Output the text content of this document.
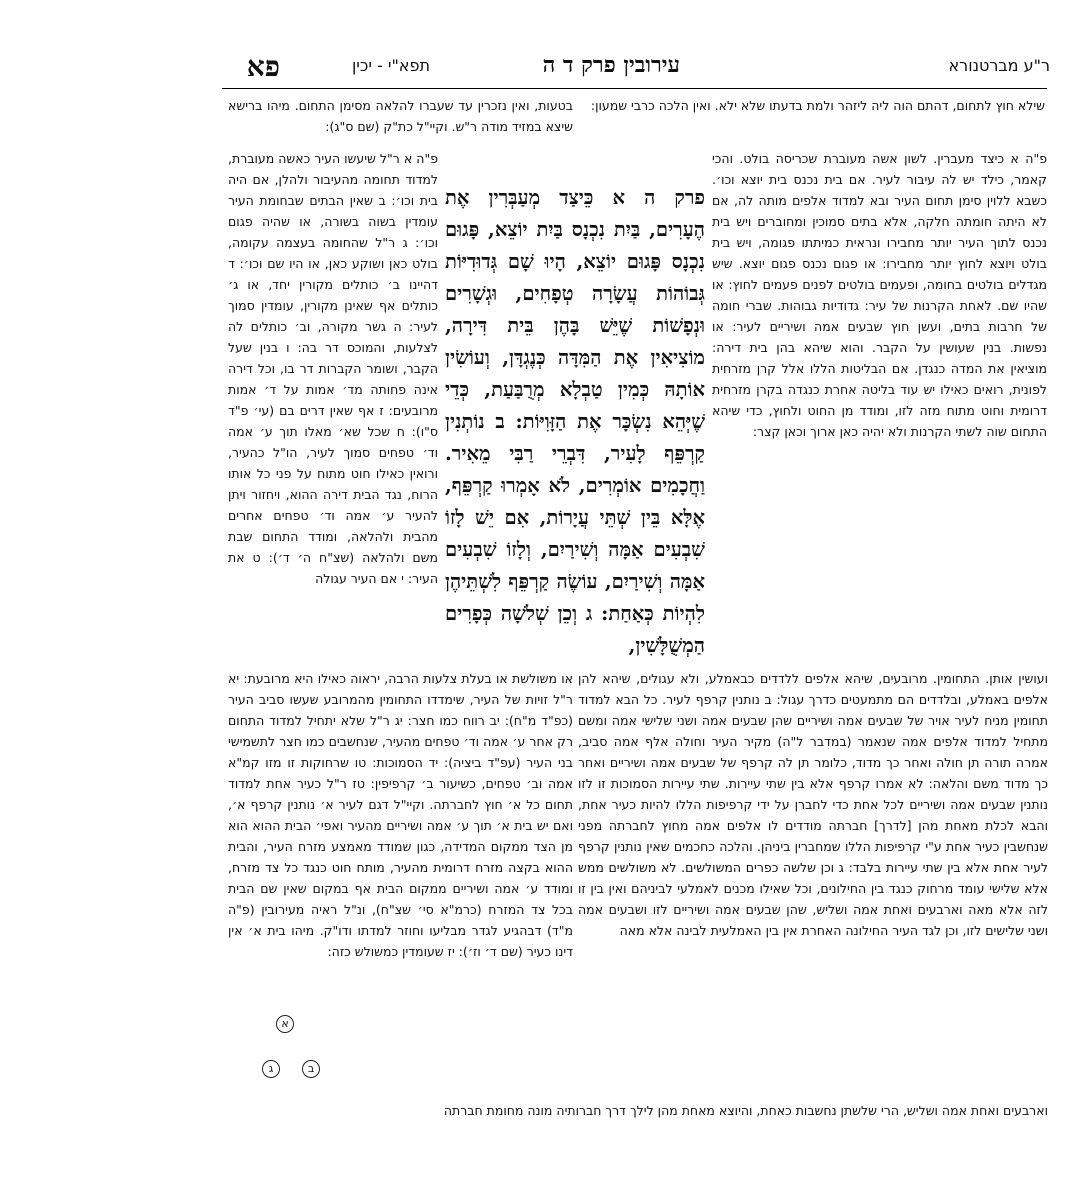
ר"ע מברטנורא
עירובין פרק ד ה
תפא"י - יכין
פא
שילא חוץ לתחום, דהתם הוה ליה ליזהר ולמת בדעתו שלא ילא. ואין הלכה כרבי שמעון:
בטעות, ואין נזכרין עד שעברו להלאה מסימן התחום. מיהו ברישא שיצא במזיד מודה ר"ש. וקיי"ל כת"ק (שם ס"ג):
פ"ה א כיצד מעברין. לשון אשה מעוברת שכריסה בולט. והכי קאמר, כילד יש לה עיבור לעיר. אם בית נכנס בית יוצא וכו׳. כשבא ללוין סימן תחום העיר ובא למדוד אלפים מותה לה, אם לא היתה חומתה חלקה, אלא בתים סמוכין ומחוברים ויש בית נכנס לתוך העיר יותר מחבירו ונראית כמיתתו פגומה, ויש בית בולט ויוצא לחוץ יותר מחבירו: או פגום נכנס פגום יוצא. שיש מגדלים בולטים בחומה, ופעמים בולטים לפנים פעמים לחוץ: או שהיו שם. לאחת הקרנות של עיר: גדודיות גבוהות. שברי חומה של חרבות בתים, ועשן חוץ שבעים אמה ושיריים לעיר: או נפשות. בנין שעושין על הקבר. והוא שיהא בהן בית דירה: מוציאין את המדה כנגדן. אם הבליטות הללו אלל קרן מזרחית לפונית, רואים כאילו יש עוד בליטה אחרת כנגדה בקרן מזרחית דרומית וחוט מתוח מזה לזו, ומודד מן החוט ולחוץ, כדי שיהא התחום שוה לשתי הקרנות ולא יהיה כאן ארוך וכאן קצר:
פרק ה א כֵּיצַד מְעַבְּרִין אֶת הֶעָרִים, בַּיִת נִכְנָס בַּיִת יוֹצֵא, פָּגוּם נִכְנָס פָּגוּם יוֹצֵא, הָיוּ שָׁם גְּדוּדִיּוֹת גְּבוֹהוֹת עֲשָׂרָה טְפָחִים, וּגְשָׁרִים וּנְפָשׁוֹת שֶׁיֵּשׁ בָּהֶן בֵּית דִּירָה, מוֹצִיאִין אֶת הַמִּדָּה כְּנֶגְדָּן, וְעוֹשִׂין אוֹתָהּ כְּמִין טַבְלָא מְרֻבַּעַת, כְּדֵי שֶׁיְּהֵא נִשְׂכָּר אֶת הַזָּוִיּוֹת: ב נוֹתְנִין קַרְפֵּף לָעִיר, דִּבְרֵי רַבִּי מֵאִיר. וַחֲכָמִים אוֹמְרִים, לֹא אָמְרוּ קַרְפֵּף, אֶלָּא בֵּין שְׁתֵּי עֲיָרוֹת, אִם יֵשׁ לָזוֹ שִׁבְעִים אַמָּה וְשִׁירַיִם, וְלָזוֹ שִׁבְעִים אַמָּה וְשִׁירַיִם, עוֹשֶׂה קַרְפֵּף לִשְׁתֵּיהֶן לִהְיוֹת כְּאַחַת: ג וְכֵן שְׁלֹשָׁה כְּפָרִים הַמְשֻׁלָּשִׁין,
פ"ה א ר"ל שיעשו העיר כאשה מעוברת, למדוד תחומה מהעיבור ולהלן, אם היה בית וכו׳: ב שאין הבתים שבחומת העיר עומדין בשוה בשורה, או שהיה פגום וכו׳: ג ר"ל שהחומה בעצמה עקומה, בולט כאן ושוקע כאן, או היו שם וכו׳: ד דהיינו ב׳ כותלים מקורין יחד, או ג׳ כותלים אף שאינן מקורין, עומדין סמוך לעיר: ה גשר מקורה, וב׳ כותלים לה לצלעות, והמוכס דר בה: ו בנין שעל הקבר, ושומר הקברות דר בו, וכל דירה אינה פחותה מד׳ אמות על ד׳ אמות מרובעים: ז אף שאין דרים בם (עי׳ פ"ד ס"ו): ח שכל שא׳ מאלו תוך ע׳ אמה וד׳ טפחים סמוך לעיר, הו"ל כהעיר, ורואין כאילו חוט מתוח על פני כל אותו הרוח, נגד הבית דירה ההוא, ויחזור ויתן להעיר ע׳ אמה וד׳ טפחים אחרים מהבית ולהלאה, ומודד התחום שבת משם ולהלאה (שצ"ח ה׳ ד׳): ט את העיר: י אם העיר עגולה
ועושין אותן. התחומין. מרובעים, שיהא אלפים ללדדים כבאמלע, ולא עגולים, שיהא להן אלפים באמלע, ובלדדים הם מתמעטים כדרך עגול: ב נותנין קרפף לעיר. כל הבא למדוד תחומין מניח לעיר אויר של שבעים אמה ושיריים שהן שבעים אמה ושני שלישי אמה ומשם מתחיל למדוד אלפים אמה שנאמר (במדבר ל"ה) מקיר העיר וחולה אלף אמה סביב, אמרה תורה תן חולה ואחר כך מדוד, כלומר תן לה קרפף של שבעים אמה ושיריים ואחר כך מדוד משם והלאה: לא אמרו קרפף אלא בין שתי עיירות. שתי עיירות הסמוכות זו לזו נותנין שבעים אמה ושיריים לכל אחת כדי לחברן על ידי קרפיפות הללו להיות כעיר אחת, והבא לכלת מאחת מהן [לדרך] חברתה מודדים לו אלפים אמה מחוץ לחברתה מפני שנחשבין כעיר אחת ע"י קרפיפות הללו שמחברין ביניהן. והלכה כחכמים שאין נותנין קרפף לעיר אחת אלא בין שתי עיירות בלבד: ג וכן שלשה כפרים המשולשים. לא משולשים ממש אלא שלישי עומד מרחוק כנגד בין החילונים, וכל שאילו מכנים לאמלעי לביניהם ואין בין זו לזה אלא מאה וארבעים ואחת אמה ושליש, שהן שבעים אמה ושיריים לזו ושבעים אמה ושני שלישים לזו, וכן לגד העיר החילונה האחרת אין בין האמלעית לבינה אלא מאה
או משולשת או בעלת צלעות הרבה, יראוה כאילו היא מרובעת: יא ר"ל זויות של העיר, שימדדו התחומין מהמרובע שעשו סביב העיר (כפ"ד מ"ח): יב רווח כמו חצר: יג ר"ל שלא יתחיל למדוד התחום רק אחר ע׳ אמה וד׳ טפחים מהעיר, שנחשבים כמו חצר לתשמישי בני העיר (עפ"ד ביציה): יד הסמוכות: טו שרחוקות זו מזו קמ"א אמה וב׳ טפחים, כשיעור ב׳ קרפיפין: טז ר"ל כעיר אחת למדוד תחום כל א׳ חוץ לחברתה. וקיי"ל דגם לעיר א׳ נותנין קרפף א׳, ואם יש בית א׳ תוך ע׳ אמה ושיריים מהעיר ואפי׳ הבית ההוא הוא מן הצד ממקום המדידה, כגון שמודד מאמצע מזרח העיר, והבית ההוא בקצה מזרח דרומית מהעיר, מותח חוט כנגד כל צד מזרח, ומודד ע׳ אמה ושיריים ממקום הבית אף במקום שאין שם הבית בכל צד המזרח (כרמ"א סי׳ שצ"ח), ונ"ל ראיה מעירובין (פ"ה מ"ד) דבהגיע לגדר מבליעו וחוזר למדתו ודו"ק. מיהו בית א׳ אין דינו כעיר (שם ד׳ וז׳): יז שעומדין כמשולש כזה:
א
ג	ב
וארבעים ואחת אמה ושליש, הרי שלשתן נחשבות כאחת, והיוצא מאחת מהן לילך דרך חברותיה מונה מחומת חברתה
